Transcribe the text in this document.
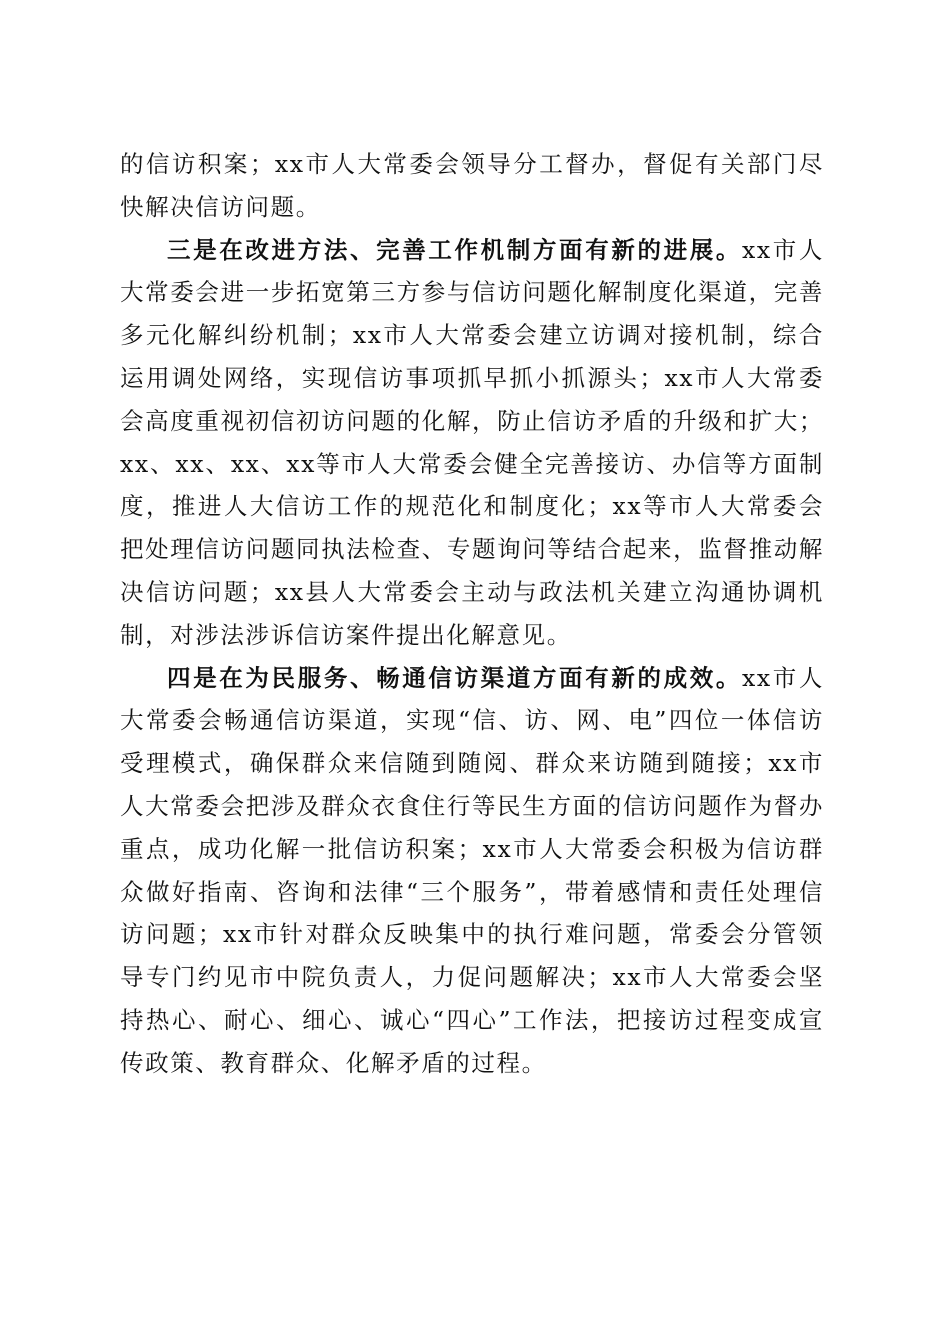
的信访积案；xx市人大常委会领导分工督办，督促有关部门尽快解决信访问题。

三是在改进方法、完善工作机制方面有新的进展。xx市人大常委会进一步拓宽第三方参与信访问题化解制度化渠道，完善多元化解纠纷机制；xx市人大常委会建立访调对接机制，综合运用调处网络，实现信访事项抓早抓小抓源头；xx市人大常委会高度重视初信初访问题的化解，防止信访矛盾的升级和扩大；xx、xx、xx、xx等市人大常委会健全完善接访、办信等方面制度，推进人大信访工作的规范化和制度化；xx等市人大常委会把处理信访问题同执法检查、专题询问等结合起来，监督推动解决信访问题；xx县人大常委会主动与政法机关建立沟通协调机制，对涉法涉诉信访案件提出化解意见。

四是在为民服务、畅通信访渠道方面有新的成效。xx市人大常委会畅通信访渠道，实现“信、访、网、电”四位一体信访受理模式，确保群众来信随到随阅、群众来访随到随接；xx市人大常委会把涉及群众衣食住行等民生方面的信访问题作为督办重点，成功化解一批信访积案；xx市人大常委会积极为信访群众做好指南、咨询和法律“三个服务”，带着感情和责任处理信访问题；xx市针对群众反映集中的执行难问题，常委会分管领导专门约见市中院负责人，力促问题解决；xx市人大常委会坚持热心、耐心、细心、诚心“四心”工作法，把接访过程变成宣传政策、教育群众、化解矛盾的过程。
